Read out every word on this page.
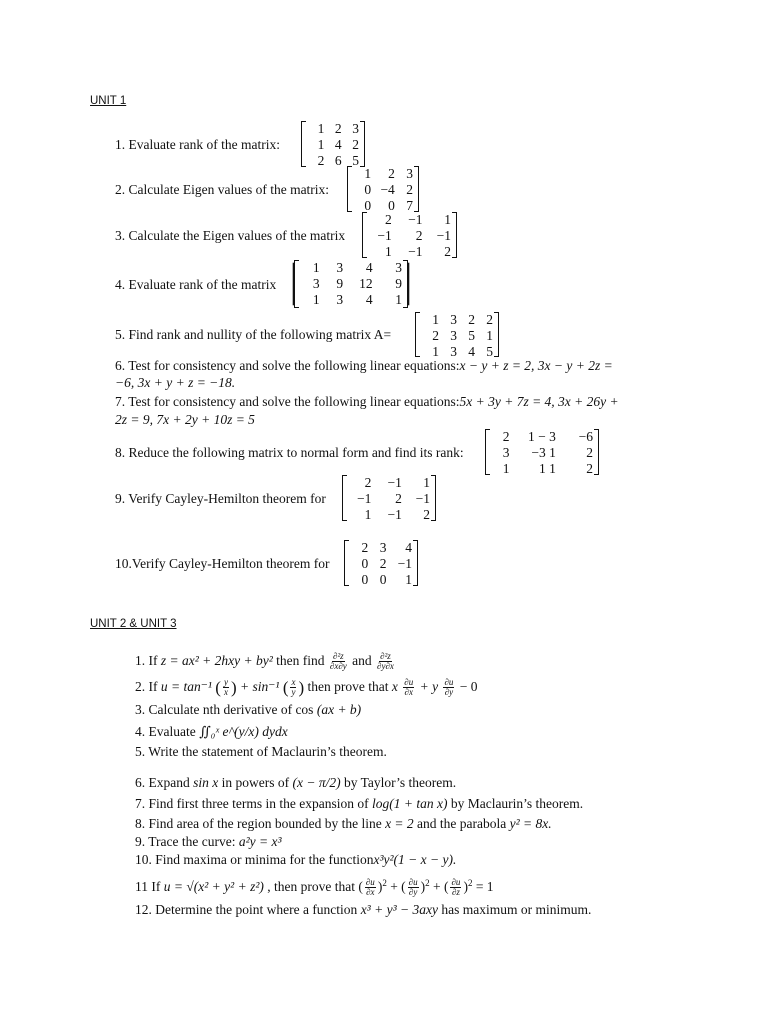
UNIT 1
1. Evaluate rank of the matrix:
1 2 3
1 4 2
2 6 5
2. Calculate Eigen values of the matrix:
1 2 3
0 −4 2
0 0 7
3. Calculate the Eigen values of the matrix
2 −1 1
−1 2 −1
1 −1 2
4. Evaluate rank of the matrix
1 3 4 3
3 9 12 9
1 3 4 1
5. Find rank and nullity of the following matrix A=
1 3 2 2
2 3 5 1
1 3 4 5
6. Test for consistency and solve the following linear equations:x − y + z = 2, 3x − y + 2z =
−6, 3x + y + z = −18.
7. Test for consistency and solve the following linear equations:5x + 3y + 7z = 4, 3x + 26y +
2z = 9, 7x + 2y + 10z = 5
8. Reduce the following matrix to normal form and find its rank:
2 1 − 3 −6
3 −3 1 2
1 1 1 2
9. Verify Cayley-Hemilton theorem for
2 −1 1
−1 2 −1
1 −1 2
10.Verify Cayley-Hemilton theorem for
2 3 4
0 2 −1
0 0 1
UNIT 2 & UNIT 3
1. If z = ax² + 2hxy + by² then find $\frac{\text{∂²z}}{\partial x\partial y}$ and $\frac{\text{∂²z}}{\partial y\partial x}$
2. If u = tan⁻¹ ( $\frac{y}{x}$ ) + sin⁻¹ ( $\frac{x}{y}$ ) then prove that x $\frac{\partial u}{\partial x} + y \frac{\partial u}{\partial y} - 0$
3. Calculate nth derivative of cos (ax + b)
4. Evaluate ∬₀ˣ e^(y/x) dydx
5. Write the statement of Maclaurin’s theorem.
6. Expand sin x in powers of (x − π/2) by Taylor’s theorem.
7. Find first three terms in the expansion of log(1 + tan x) by Maclaurin’s theorem.
8. Find area of the region bounded by the line x = 2 and the parabola y² = 8x.
9. Trace the curve: a²y = x³
10. Find maxima or minima for the functionx³y²(1 − x − y).
11 If u = √(x² + y² + z²) , then prove that ( $\frac{\partial u}{\partial x} )^2$ + ( $\frac{\partial u}{\partial y} )^2$ + ( $\frac{\partial u}{\partial z} )^2 = 1$
12. Determine the point where a function x³ + y³ − 3axy has maximum or minimum.
